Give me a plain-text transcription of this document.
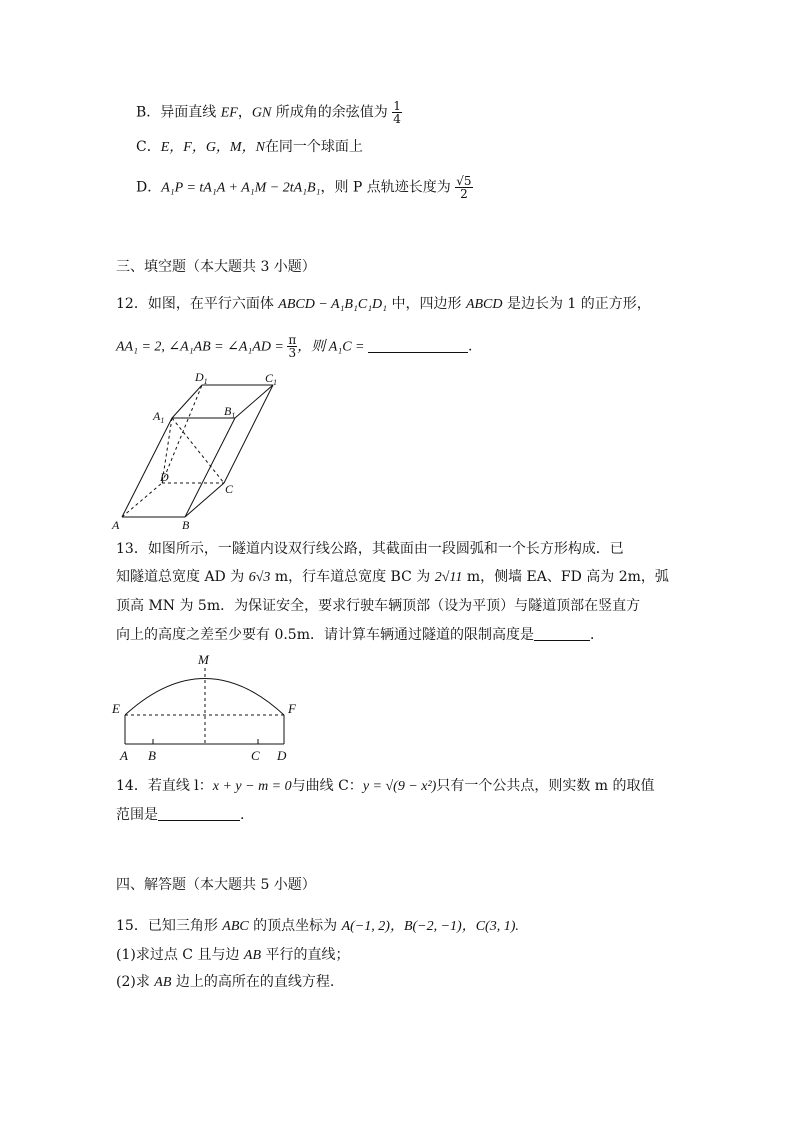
B．异面直线 EF，GN 所成角的余弦值为 $\frac{1}{4}$
C．E，F，G，M，N在同一个球面上
D．A₁P = tA₁A + A₁M − 2tA₁B₁，则 P 点轨迹长度为 $\frac{√5}{2}$
三、填空题（本大题共 3 小题）
12．如图，在平行六面体 ABCD − A₁B₁C₁D₁ 中，四边形 ABCD 是边长为 1 的正方形，
AA₁ = 2, ∠A₁AB = ∠A₁AD = $\frac{\pi}{3}$ ，则 A₁C =	.
A	B
C
D
$A_1$
$B_1$
$C_1$
$D_1$
13．如图所示，一隧道内设双行线公路，其截面由一段圆弧和一个长方形构成．已
知隧道总宽度 AD 为 6√3 m，行车道总宽度 BC 为 2√11 m，侧墙 EA、FD 高为 2m，弧
顶高 MN 为 5m．为保证安全，要求行驶车辆顶部（设为平顶）与隧道顶部在竖直方
向上的高度之差至少要有 0.5m．请计算车辆通过隧道的限制高度是	．
M
E	F
A B	C D
14．若直线 l：x + y − m = 0与曲线 C：y = √(9 − x²)只有一个公共点，则实数 m 的取值
范围是	.
四、解答题（本大题共 5 小题）
15．已知三角形 ABC 的顶点坐标为 A(−1, 2)，B(−2, −1)，C(3, 1).
(1)求过点 C 且与边 AB 平行的直线；
(2)求 AB 边上的高所在的直线方程.
